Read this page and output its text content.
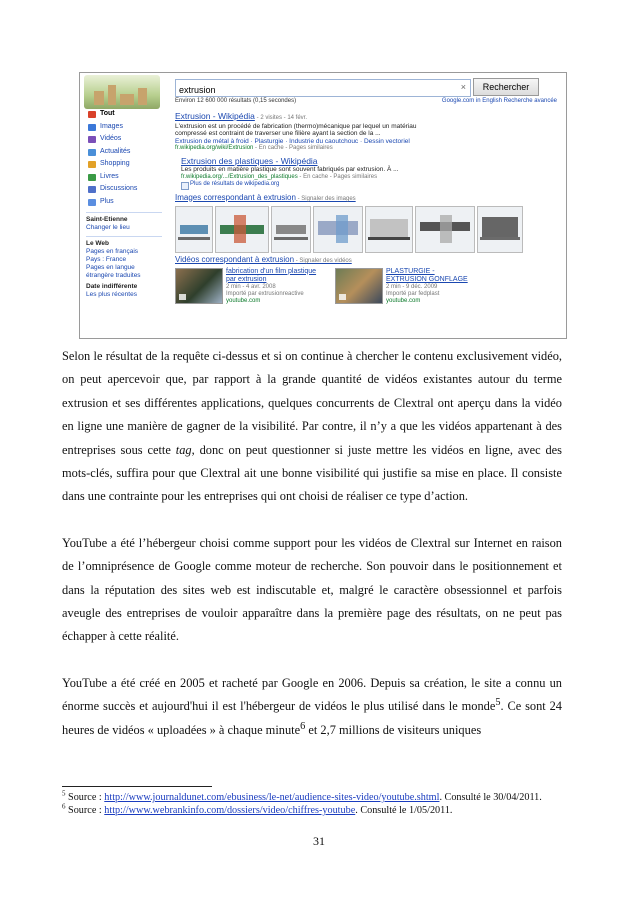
extrusion
×	Rechercher
Environ 12 600 000 résultats (0,15 secondes)	Google.com in English Recherche avancée
Tout
Images
Vidéos
Actualités
Shopping
Livres
Discussions
Plus
Saint-Etienne
Changer le lieu
Le Web
Pages en français
Pays : France
Pages en langue
étrangère traduites
Date indifférente
Les plus récentes
Extrusion - Wikipédia - 2 visites - 14 févr.
L'extrusion est un procédé de fabrication (thermo)mécanique par lequel un matériau
compressé est contraint de traverser une filière ayant la section de la ...
Extrusion de métal à froid · Plasturgie · Industrie du caoutchouc · Dessin vectoriel
fr.wikipedia.org/wiki/Extrusion - En cache - Pages similaires
Extrusion des plastiques - Wikipédia
Les produits en matière plastique sont souvent fabriqués par extrusion. À ...
fr.wikipedia.org/.../Extrusion_des_plastiques - En cache - Pages similaires
Plus de résultats de wikipedia.org
Images correspondant à extrusion - Signaler des images
Vidéos correspondant à extrusion - Signaler des vidéos
fabrication d'un film plastique
par extrusion
2 min - 4 avr. 2008
Importé par extrusionreactive
youtube.com
PLASTURGIE -
EXTRUSION GONFLAGE
2 min - 9 déc. 2009
Importé par fedplast
youtube.com

Selon le résultat de la requête ci-dessus et si on continue à chercher le contenu exclusivement vidéo, on peut apercevoir que, par rapport à la grande quantité de vidéos existantes autour du terme extrusion et ses différentes applications, quelques concurrents de Clextral ont aperçu dans la vidéo en ligne une manière de gagner de la visibilité. Par contre, il n’y a que les vidéos appartenant à des entreprises sous cette tag, donc on peut questionner si juste mettre les vidéos en ligne, avec des mots-clés, suffira pour que Clextral ait une bonne visibilité qui justifie sa mise en place. Il consiste dans une contrainte pour les entreprises qui ont choisi de réaliser ce type d’action.

YouTube a été l’hébergeur choisi comme support pour les vidéos de Clextral sur Internet en raison de l’omniprésence de Google comme moteur de recherche. Son pouvoir dans le positionnement et dans la réputation des sites web est indiscutable et, malgré le caractère obsessionnel et parfois aveugle des entreprises de vouloir apparaître dans la première page des résultats, on ne peut pas échapper à cette réalité.

YouTube a été créé en 2005 et racheté par Google en 2006. Depuis sa création, le site a connu un énorme succès et aujourd'hui il est l'hébergeur de vidéos le plus utilisé dans le monde$^5$. Ce sont 24 heures de vidéos « uploadées » à chaque minute$^6$ et 2,7 millions de visiteurs uniques

$^5$ Source : http://www.journaldunet.com/ebusiness/le-net/audience-sites-video/youtube.shtml. Consulté le 30/04/2011.
$^6$ Source : http://www.webrankinfo.com/dossiers/video/chiffres-youtube. Consulté le 1/05/2011.
31
